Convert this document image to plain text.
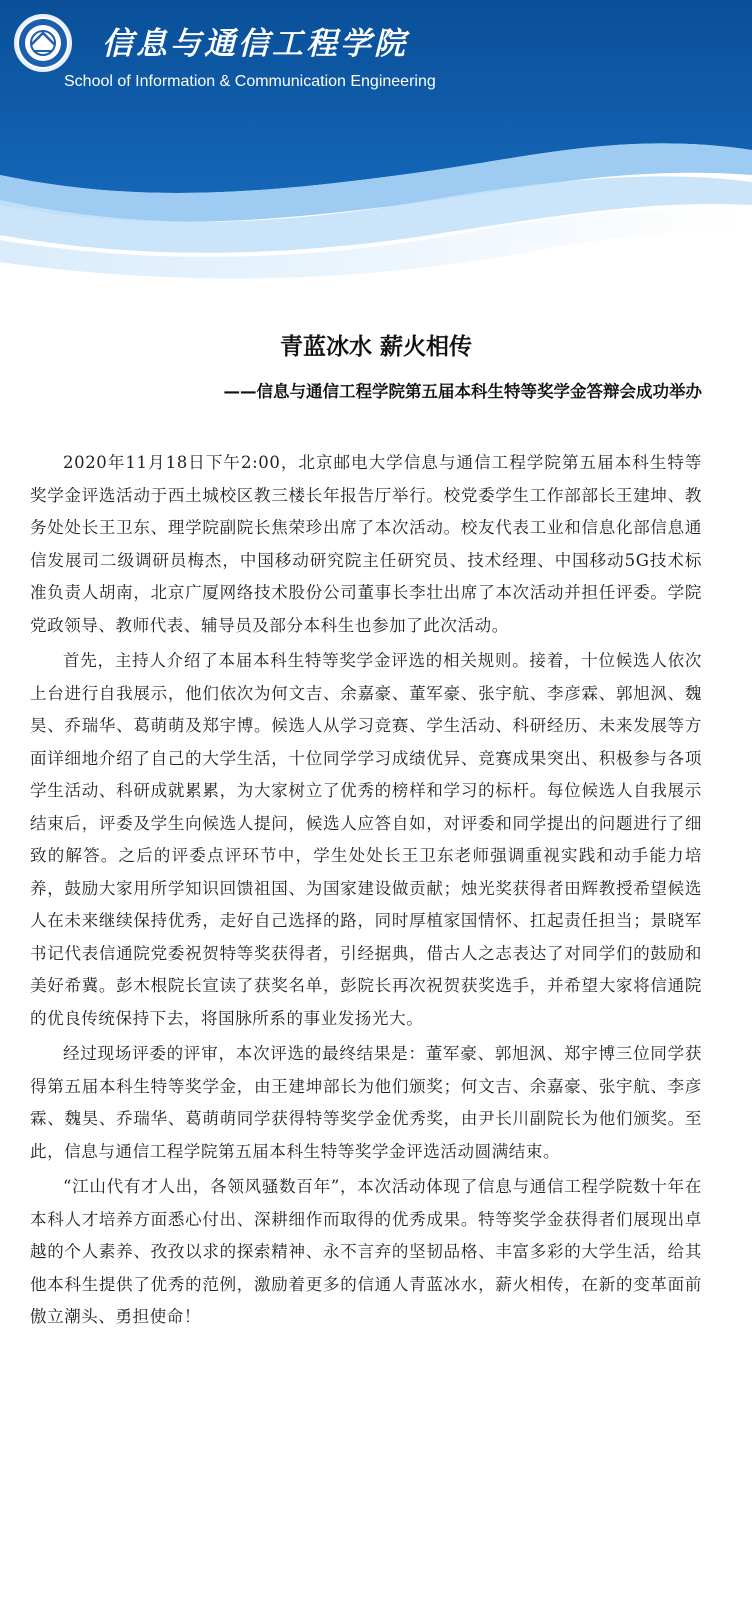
信息与通信工程学院
School of Information & Communication Engineering
青蓝冰水 薪火相传
——信息与通信工程学院第五届本科生特等奖学金答辩会成功举办

2020年11月18日下午2:00，北京邮电大学信息与通信工程学院第五届本科生特等奖学金评选活动于西土城校区教三楼长年报告厅举行。校党委学生工作部部长王建坤、教务处处长王卫东、理学院副院长焦荣珍出席了本次活动。校友代表工业和信息化部信息通信发展司二级调研员梅杰，中国移动研究院主任研究员、技术经理、中国移动5G技术标准负责人胡南，北京广厦网络技术股份公司董事长李壮出席了本次活动并担任评委。学院党政领导、教师代表、辅导员及部分本科生也参加了此次活动。

首先，主持人介绍了本届本科生特等奖学金评选的相关规则。接着，十位候选人依次上台进行自我展示，他们依次为何文吉、余嘉豪、董军豪、张宇航、李彦霖、郭旭沨、魏昊、乔瑞华、葛萌萌及郑宇博。候选人从学习竞赛、学生活动、科研经历、未来发展等方面详细地介绍了自己的大学生活，十位同学学习成绩优异、竞赛成果突出、积极参与各项学生活动、科研成就累累，为大家树立了优秀的榜样和学习的标杆。每位候选人自我展示结束后，评委及学生向候选人提问，候选人应答自如，对评委和同学提出的问题进行了细致的解答。之后的评委点评环节中，学生处处长王卫东老师强调重视实践和动手能力培养，鼓励大家用所学知识回馈祖国、为国家建设做贡献；烛光奖获得者田辉教授希望候选人在未来继续保持优秀，走好自己选择的路，同时厚植家国情怀、扛起责任担当；景晓军书记代表信通院党委祝贺特等奖获得者，引经据典，借古人之志表达了对同学们的鼓励和美好希冀。彭木根院长宣读了获奖名单，彭院长再次祝贺获奖选手，并希望大家将信通院的优良传统保持下去，将国脉所系的事业发扬光大。

经过现场评委的评审，本次评选的最终结果是：董军豪、郭旭沨、郑宇博三位同学获得第五届本科生特等奖学金，由王建坤部长为他们颁奖；何文吉、余嘉豪、张宇航、李彦霖、魏昊、乔瑞华、葛萌萌同学获得特等奖学金优秀奖，由尹长川副院长为他们颁奖。至此，信息与通信工程学院第五届本科生特等奖学金评选活动圆满结束。

“江山代有才人出，各领风骚数百年”，本次活动体现了信息与通信工程学院数十年在本科人才培养方面悉心付出、深耕细作而取得的优秀成果。特等奖学金获得者们展现出卓越的个人素养、孜孜以求的探索精神、永不言弃的坚韧品格、丰富多彩的大学生活，给其他本科生提供了优秀的范例，激励着更多的信通人青蓝冰水，薪火相传，在新的变革面前傲立潮头、勇担使命！
